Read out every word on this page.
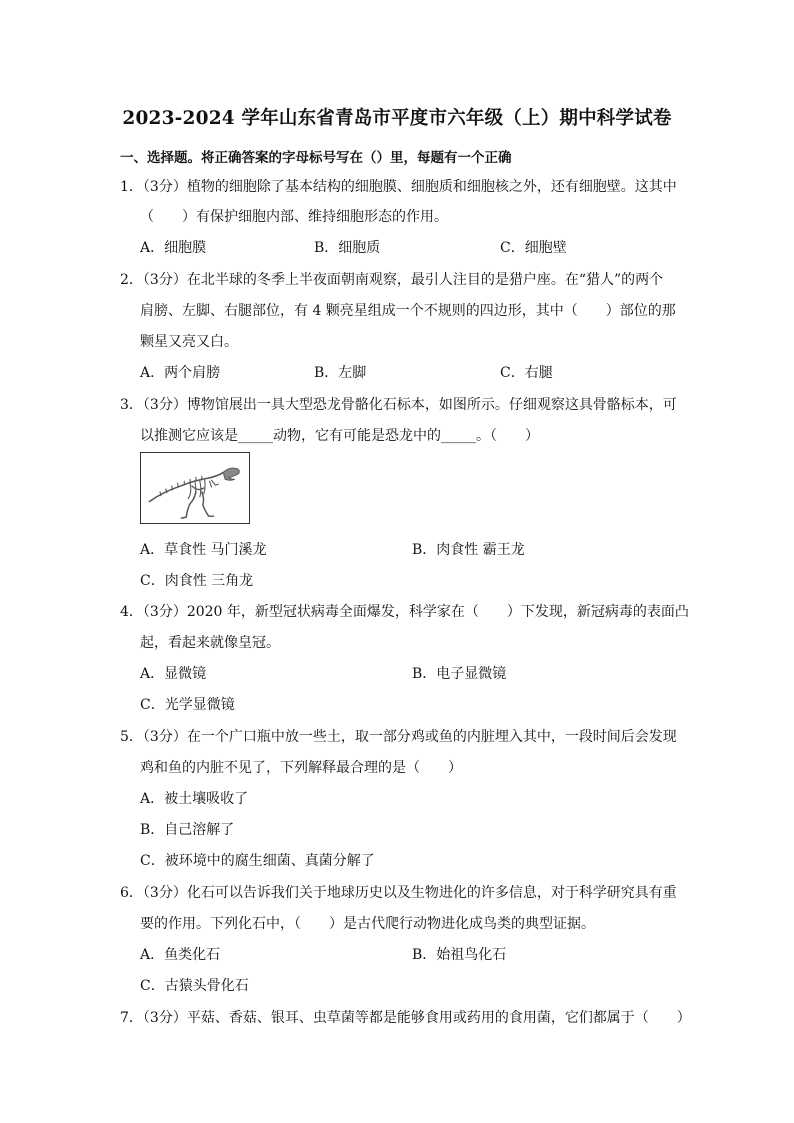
2023-2024 学年山东省青岛市平度市六年级（上）期中科学试卷
一、选择题。将正确答案的字母标号写在（）里，每题有一个正确
1．（3分）植物的细胞除了基本结构的细胞膜、细胞质和细胞核之外，还有细胞壁。这其中
（　　）有保护细胞内部、维持细胞形态的作用。
A．细胞膜	B．细胞质	C．细胞壁
2．（3分）在北半球的冬季上半夜面朝南观察，最引人注目的是猎户座。在“猎人”的两个
肩膀、左脚、右腿部位，有 4 颗亮星组成一个不规则的四边形，其中（　　）部位的那
颗星又亮又白。
A．两个肩膀	B．左脚	C．右腿
3．（3分）博物馆展出一具大型恐龙骨骼化石标本，如图所示。仔细观察这具骨骼标本，可
以推测它应该是_____动物，它有可能是恐龙中的_____。（　　）
A．草食性 马门溪龙	B．肉食性 霸王龙
C．肉食性 三角龙
4．（3分）2020 年，新型冠状病毒全面爆发，科学家在（　　）下发现，新冠病毒的表面凸
起，看起来就像皇冠。
A．显微镜	B．电子显微镜
C．光学显微镜
5．（3分）在一个广口瓶中放一些土，取一部分鸡或鱼的内脏埋入其中，一段时间后会发现
鸡和鱼的内脏不见了，下列解释最合理的是（　　）
A．被土壤吸收了
B．自己溶解了
C．被环境中的腐生细菌、真菌分解了
6．（3分）化石可以告诉我们关于地球历史以及生物进化的许多信息，对于科学研究具有重
要的作用。下列化石中，（　　）是古代爬行动物进化成鸟类的典型证据。
A．鱼类化石	B．始祖鸟化石
C．古猿头骨化石
7．（3分）平菇、香菇、银耳、虫草菌等都是能够食用或药用的食用菌，它们都属于（　　）
